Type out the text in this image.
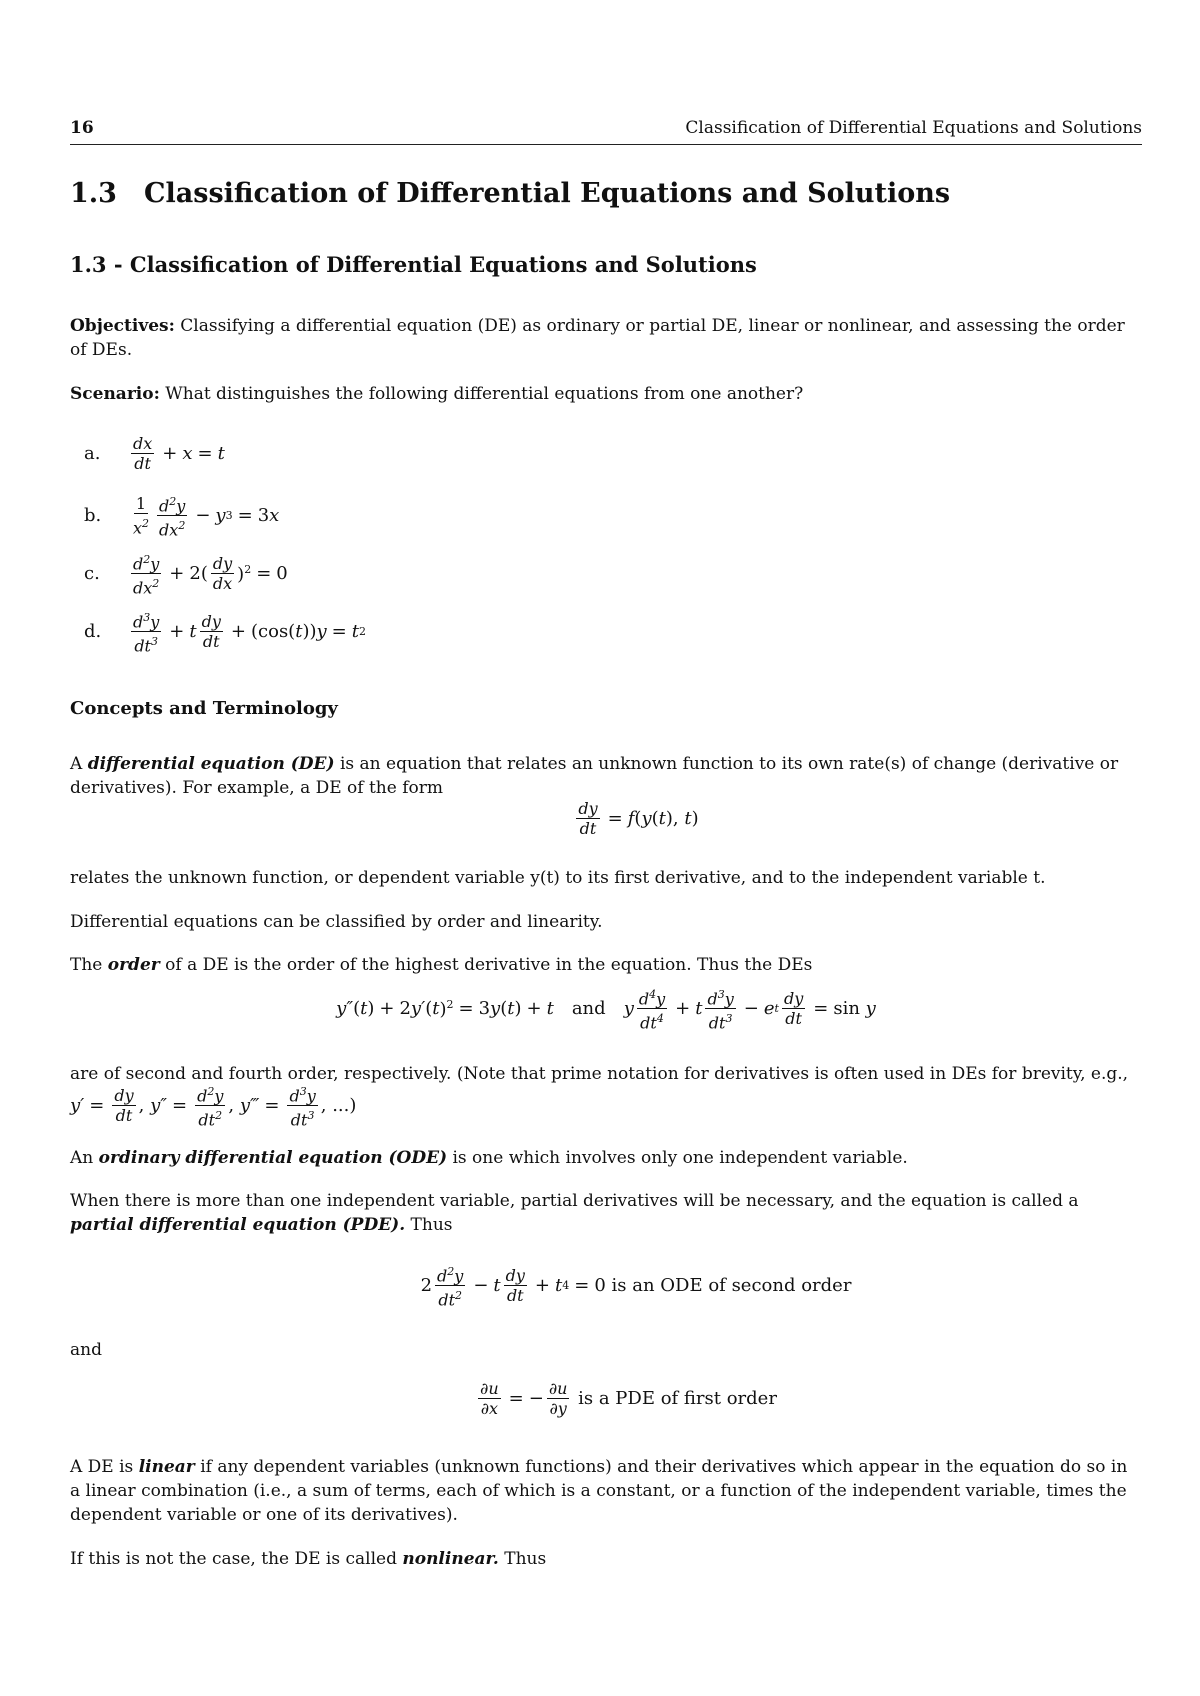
16	Classification of Differential Equations and Solutions
1.3 Classification of Differential Equations and Solutions
1.3 - Classification of Differential Equations and Solutions
Objectives: Classifying a differential equation (DE) as ordinary or partial DE, linear or nonlinear, and assessing the order of DEs.
Scenario: What distinguishes the following differential equations from one another?
a.	$\frac{dx}{dt} + x = t$
b.	$\frac{1}{x^2} \frac{d^2y}{dx^2} - y$ 3 = 3 x
c.	$\frac{d^2y}{dx^2} + 2( \frac{dy}{dx} )^2 = 0$
d.	$\frac{d^3y}{dt^3} + t \frac{dy}{dt} + (\cos(t))y = t$ 2
Concepts and Terminology
A differential equation (DE) is an equation that relates an unknown function to its own rate(s) of change (derivative or derivatives). For example, a DE of the form
$\frac{dy}{dt} = f$ ( y ( t ), t )
relates the unknown function, or dependent variable y(t) to its first derivative, and to the independent variable t.
Differential equations can be classified by order and linearity.
The order of a DE is the order of the highest derivative in the equation. Thus the DEs
y″ ( t ) + 2 y′ ( t )$^2$ = 3 y ( t ) + t and y $\frac{d^4y}{dt^4} + t \frac{d^3y}{dt^3} - e$ t $\frac{dy}{dt} = \sin y$
are of second and fourth order, respectively. (Note that prime notation for derivatives is often used in DEs for brevity, e.g.,
$y' = \frac{dy}{dt}$ , $y'' = \frac{d^2y}{dt^2}$ , y‴ = $\frac{d^3y}{dt^3}$ , ...)
An ordinary differential equation (ODE) is one which involves only one independent variable.
When there is more than one independent variable, partial derivatives will be necessary, and the equation is called a partial differential equation (PDE). Thus
$2 \frac{d^2y}{dt^2} - t \frac{dy}{dt} + t$ 4 = 0 is an ODE of second order
and
$\frac{\partial u}{\partial x}$ = − $\frac{\partial u}{\partial y}$
is a PDE of first order
A DE is linear if any dependent variables (unknown functions) and their derivatives which appear in the equation do so in a linear combination (i.e., a sum of terms, each of which is a constant, or a function of the independent variable, times the dependent variable or one of its derivatives).
If this is not the case, the DE is called nonlinear. Thus
